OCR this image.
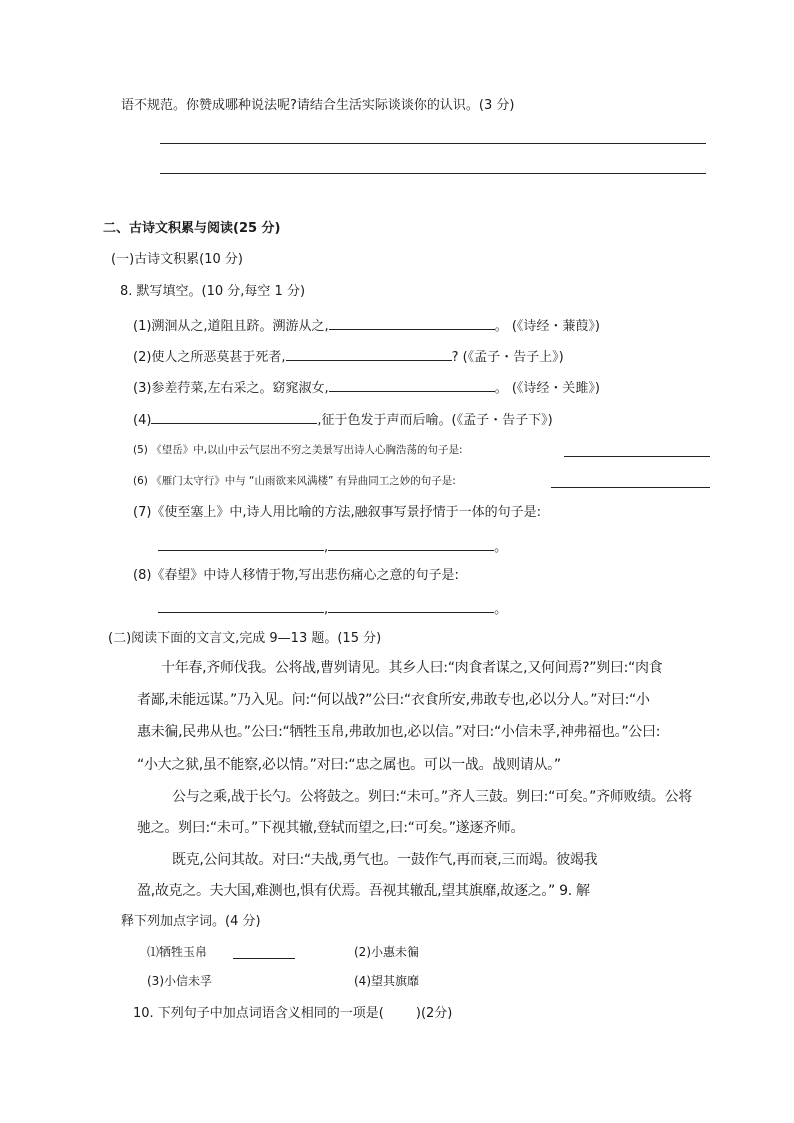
语不规范。你赞成哪种说法呢?请结合生活实际谈谈你的认识。(3 分)
二、古诗文积累与阅读(25 分)
(一)古诗文积累(10 分)
8. 默写填空。(10 分,每空 1 分)
(1)溯洄从之,道阻且跻。溯游从之,	。 (《诗经・蒹葭》)
(2)使人之所恶莫甚于死者,	? (《孟子・告子上》)
(3)参差荇菜,左右采之。窈窕淑女,	。 (《诗经・关雎》)
(4)	,征于色发于声而后喻。(《孟子・告子下》)
(5) 《望岳》中,以山中云气层出不穷之美景写出诗人心胸浩荡的句子是:
(6) 《雁门太守行》中与 “山雨欲来风满楼” 有异曲同工之妙的句子是:
(7)《使至塞上》中,诗人用比喻的方法,融叙事写景抒情于一体的句子是:
,	。
(8)《春望》中诗人移情于物,写出悲伤痛心之意的句子是:
,	。
(二)阅读下面的文言文,完成 9—13 题。(15 分)
十年春,齐师伐我。公将战,曹刿请见。其乡人曰:“肉食者谋之,又何间焉?”刿曰:“肉食
者鄙,未能远谋。”乃入见。问:“何以战?”公曰:“衣食所安,弗敢专也,必以分人。”对曰:“小
惠未徧,民弗从也。”公曰:“牺牲玉帛,弗敢加也,必以信。”对曰:“小信未孚,神弗福也。”公曰:
“小大之狱,虽不能察,必以情。”对曰:“忠之属也。可以一战。战则请从。”
公与之乘,战于长勺。公将鼓之。刿曰:“未可。”齐人三鼓。刿曰:“可矣。”齐师败绩。公将
驰之。刿曰:“未可。”下视其辙,登轼而望之,曰:“可矣。”遂逐齐师。
既克,公问其故。对曰:“夫战,勇气也。一鼓作气,再而衰,三而竭。彼竭我
盈,故克之。夫大国,难测也,惧有伏焉。吾视其辙乱,望其旗靡,故逐之。” 9. 解
释下列加点字词。(4 分)
⑴牺牲玉帛	(2)小惠未徧
(3)小信未孚	(4)望其旗靡
10. 下列句子中加点词语含义相同的一项是( )(2分)
